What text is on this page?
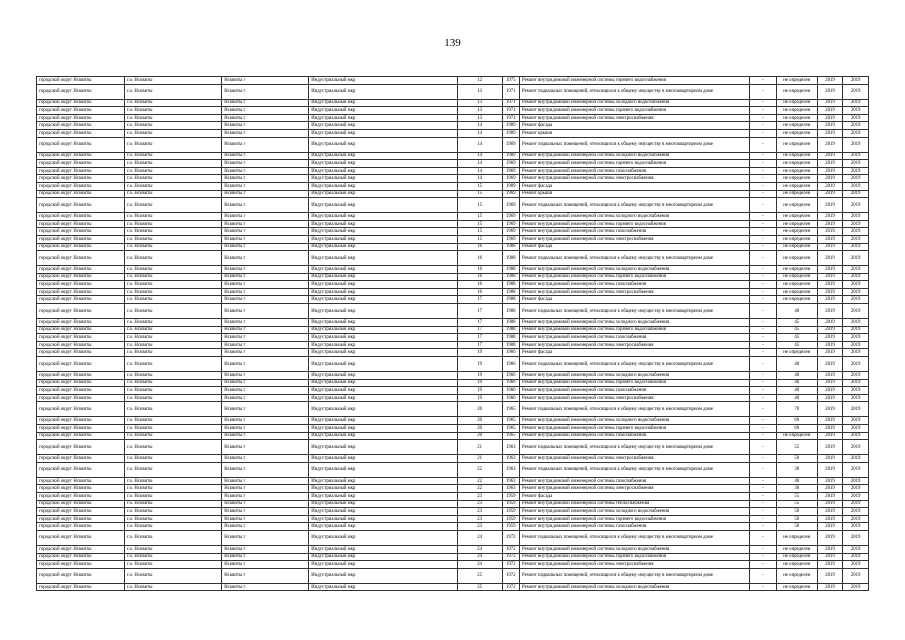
139
городской округ Нсквиты	г.о. Нсквиты	Нсквиты г	Индустриальный мкр	12	1975	Ремонт внутридомовой инженерной системы горячего водоснабжения	-	не определен	2019	2019
городской округ Нсквиты	г.о. Нсквиты	Нсквиты г	Индустриальный мкр	13	1971	Ремонт подвальных помещений, относящихся к общему имуществу в многоквартирном доме	-	не определен	2019	2019
городской округ Нсквиты	г.о. Нсквиты	Нсквиты г	Индустриальный мкр	13	1971	Ремонт внутридомовой инженерной системы холодного водоснабжения	-	не определен	2019	2019
городской округ Нсквиты	г.о. Нсквиты	Нсквиты г	Индустриальный мкр	13	1971	Ремонт внутридомовой инженерной системы горячего водоснабжения	-	не определен	2019	2019
городской округ Нсквиты	г.о. Нсквиты	Нсквиты г	Индустриальный мкр	13	1971	Ремонт внутридомовой инженерной системы электроснабжения	-	не определен	2019	2019
городской округ Нсквиты	г.о. Нсквиты	Нсквиты г	Индустриальный мкр	14	1989	Ремонт фасада	-	не определен	2019	2019
городской округ Нсквиты	г.о. Нсквиты	Нсквиты г	Индустриальный мкр	14	1989	Ремонт крыши	-	не определен	2019	2019
городской округ Нсквиты	г.о. Нсквиты	Нсквиты г	Индустриальный мкр	14	1969	Ремонт подвальных помещений, относящихся к общему имуществу в многоквартирном доме	-	не определен	2019	2019
городской округ Нсквиты	г.о. Нсквиты	Нсквиты г	Индустриальный мкр	14	1989	Ремонт внутридомовой инженерной системы холодного водоснабжения	-	не определен	2019	2019
городской округ Нсквиты	г.о. Нсквиты	Нсквиты г	Индустриальный мкр	14	1969	Ремонт внутридомовой инженерной системы горячего водоснабжения	-	не определен	2019	2019
городской округ Нсквиты	г.о. Нсквиты	Нсквиты г	Индустриальный мкр	14	1969	Ремонт внутридомовой инженерной системы газоснабжения	-	не определен	2019	2019
городской округ Нсквиты	г.о. Нсквиты	Нсквиты г	Индустриальный мкр	14	1969	Ремонт внутридомовой инженерной системы электроснабжения	-	не определен	2019	2019
городской округ Нсквиты	г.о. Нсквиты	Нсквиты г	Индустриальный мкр	15	1989	Ремонт фасада	-	не определен	2019	2019
городской округ Нсквиты	г.о. Нсквиты	Нсквиты г	Индустриальный мкр	15	1969	Ремонт крыши	-	не определен	2019	2019
городской округ Нсквиты	г.о. Нсквиты	Нсквиты г	Индустриальный мкр	15	1969	Ремонт подвальных помещений, относящихся к общему имуществу в многоквартирном доме	-	не определен	2019	2019
городской округ Нсквиты	г.о. Нсквиты	Нсквиты г	Индустриальный мкр	15	1969	Ремонт внутридомовой инженерной системы холодного водоснабжения	-	не определен	2019	2019
городской округ Нсквиты	г.о. Нсквиты	Нсквиты г	Индустриальный мкр	15	1969	Ремонт внутридомовой инженерной системы горячего водоснабжения	-	не определен	2019	2019
городской округ Нсквиты	г.о. Нсквиты	Нсквиты г	Индустриальный мкр	15	1969	Ремонт внутридомовой инженерной системы газоснабжения	-	не определен	2019	2019
городской округ Нсквиты	г.о. Нсквиты	Нсквиты г	Индустриальный мкр	15	1969	Ремонт внутридомовой инженерной системы электроснабжения	-	не определен	2019	2019
городской округ Нсквиты	г.о. Нсквиты	Нсквиты г	Индустриальный мкр	16	1988	Ремонт фасада	-	не определен	2019	2019
городской округ Нсквиты	г.о. Нсквиты	Нсквиты г	Индустриальный мкр	16	1988	Ремонт подвальных помещений, относящихся к общему имуществу в многоквартирном доме	-	не определен	2019	2019
городской округ Нсквиты	г.о. Нсквиты	Нсквиты г	Индустриальный мкр	16	1988	Ремонт внутридомовой инженерной системы холодного водоснабжения	-	не определен	2019	2019
городской округ Нсквиты	г.о. Нсквиты	Нсквиты г	Индустриальный мкр	16	1988	Ремонт внутридомовой инженерной системы горячего водоснабжения	-	не определен	2019	2019
городской округ Нсквиты	г.о. Нсквиты	Нсквиты г	Индустриальный мкр	16	1988	Ремонт внутридомовой инженерной системы газоснабжения	-	не определен	2019	2019
городской округ Нсквиты	г.о. Нсквиты	Нсквиты г	Индустриальный мкр	16	1988	Ремонт внутридомовой инженерной системы электроснабжения	-	не определен	2019	2019
городской округ Нсквиты	г.о. Нсквиты	Нсквиты г	Индустриальный мкр	17	1988	Ремонт фасада	-	не определен	2019	2019
городской округ Нсквиты	г.о. Нсквиты	Нсквиты г	Индустриальный мкр	17	1988	Ремонт подвальных помещений, относящихся к общему имуществу в многоквартирном доме	-	40	2019	2019
городской округ Нсквиты	г.о. Нсквиты	Нсквиты г	Индустриальный мкр	17	1988	Ремонт внутридомовой инженерной системы холодного водоснабжения	-	45	2019	2019
городской округ Нсквиты	г.о. Нсквиты	Нсквиты г	Индустриальный мкр	17	1988	Ремонт внутридомовой инженерной системы горячего водоснабжения	-	45	2019	2019
городской округ Нсквиты	г.о. Нсквиты	Нсквиты г	Индустриальный мкр	17	1988	Ремонт внутридомовой инженерной системы газоснабжения	-	45	2019	2019
городской округ Нсквиты	г.о. Нсквиты	Нсквиты г	Индустриальный мкр	17	1988	Ремонт внутридомовой инженерной системы электроснабжения	-	45	2019	2019
городской округ Нсквиты	г.о. Нсквиты	Нсквиты г	Индустриальный мкр	19	1966	Ремонт фасада	-	не определен	2019	2019
городской округ Нсквиты	г.о. Нсквиты	Нсквиты г	Индустриальный мкр	19	1966	Ремонт подвальных помещений, относящихся к общему имуществу в многоквартирном доме	-	40	2019	2019
городской округ Нсквиты	г.о. Нсквиты	Нсквиты г	Индустриальный мкр	19	1966	Ремонт внутридомовой инженерной системы холодного водоснабжения	-	40	2019	2019
городской округ Нсквиты	г.о. Нсквиты	Нсквиты г	Индустриальный мкр	19	1966	Ремонт внутридомовой инженерной системы горячего водоснабжения	-	40	2019	2019
городской округ Нсквиты	г.о. Нсквиты	Нсквиты г	Индустриальный мкр	19	1966	Ремонт внутридомовой инженерной системы газоснабжения	-	40	2019	2019
городской округ Нсквиты	г.о. Нсквиты	Нсквиты г	Индустриальный мкр	19	1966	Ремонт внутридомовой инженерной системы электроснабжения	-	40	2019	2019
городской округ Нсквиты	г.о. Нсквиты	Нсквиты г	Индустриальный мкр	20	1965	Ремонт подвальных помещений, относящихся к общему имуществу в многоквартирном доме	-	70	2019	2019
городской округ Нсквиты	г.о. Нсквиты	Нсквиты г	Индустриальный мкр	20	1965	Ремонт внутридомовой инженерной системы холодного водоснабжения	-	60	2019	2019
городской округ Нсквиты	г.о. Нсквиты	Нсквиты г	Индустриальный мкр	20	1965	Ремонт внутридомовой инженерной системы горячего водоснабжения	-	60	2019	2019
городской округ Нсквиты	г.о. Нсквиты	Нсквиты г	Индустриальный мкр	20	1965	Ремонт внутридомовой инженерной системы газоснабжения	-	не определен	2019	2019
городской округ Нсквиты	г.о. Нсквиты	Нсквиты г	Индустриальный мкр	21	1963	Ремонт подвальных помещений, относящихся к общему имуществу в многоквартирном доме	-	55	2019	2019
городской округ Нсквиты	г.о. Нсквиты	Нсквиты г	Индустриальный мкр	21	1963	Ремонт внутридомовой инженерной системы электроснабжения	-	50	2019	2019
городской округ Нсквиты	г.о. Нсквиты	Нсквиты г	Индустриальный мкр	22	1963	Ремонт подвальных помещений, относящихся к общему имуществу в многоквартирном доме	-	30	2019	2019
городской округ Нсквиты	г.о. Нсквиты	Нсквиты г	Индустриальный мкр	22	1963	Ремонт внутридомовой инженерной системы газоснабжения	-	40	2019	2019
городской округ Нсквиты	г.о. Нсквиты	Нсквиты г	Индустриальный мкр	22	1963	Ремонт внутридомовой инженерной системы электроснабжения	-	30	2019	2019
городской округ Нсквиты	г.о. Нсквиты	Нсквиты г	Индустриальный мкр	23	1959	Ремонт фасада	-	55	2019	2019
городской округ Нсквиты	г.о. Нсквиты	Нсквиты г	Индустриальный мкр	23	1959	Ремонт внутридомовой инженерной системы теплоснабжения	-	55	2019	2019
городской округ Нсквиты	г.о. Нсквиты	Нсквиты г	Индустриальный мкр	23	1959	Ремонт внутридомовой инженерной системы холодного водоснабжения	-	50	2019	2019
городской округ Нсквиты	г.о. Нсквиты	Нсквиты г	Индустриальный мкр	23	1959	Ремонт внутридомовой инженерной системы горячего водоснабжения	-	50	2019	2019
городской округ Нсквиты	г.о. Нсквиты	Нсквиты г	Индустриальный мкр	23	1959	Ремонт внутридомовой инженерной системы газоснабжения	-	50	2019	2019
городской округ Нсквиты	г.о. Нсквиты	Нсквиты г	Индустриальный мкр	24	1972	Ремонт подвальных помещений, относящихся к общему имуществу в многоквартирном доме	-	не определен	2019	2019
городской округ Нсквиты	г.о. Нсквиты	Нсквиты г	Индустриальный мкр	24	1972	Ремонт внутридомовой инженерной системы холодного водоснабжения	-	не определен	2019	2019
городской округ Нсквиты	г.о. Нсквиты	Нсквиты г	Индустриальный мкр	24	1972	Ремонт внутридомовой инженерной системы горячего водоснабжения	-	не определен	2019	2019
городской округ Нсквиты	г.о. Нсквиты	Нсквиты г	Индустриальный мкр	24	1972	Ремонт внутридомовой инженерной системы электроснабжения	-	не определен	2019	2019
городской округ Нсквиты	г.о. Нсквиты	Нсквиты г	Индустриальный мкр	25	1972	Ремонт подвальных помещений, относящихся к общему имуществу в многоквартирном доме	-	не определен	2019	2019
городской округ Нсквиты	г.о. Нсквиты	Нсквиты г	Индустриальный мкр	25	1972	Ремонт внутридомовой инженерной системы холодного водоснабжения	-	не определен	2019	2019
